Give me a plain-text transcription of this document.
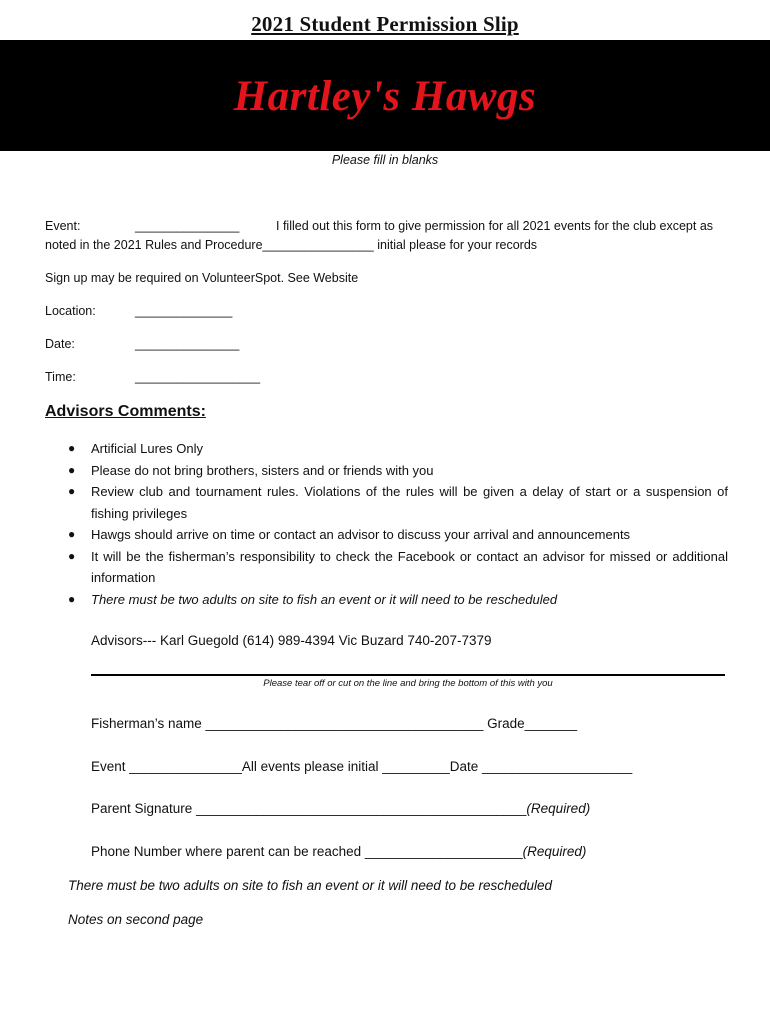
2021 Student Permission Slip
Hartley's Hawgs
Please fill in blanks
Event:	_______________	I filled out this form to give permission for all 2021 events for the club except as
noted in the 2021 Rules and Procedure________________ initial please for your records
Sign up may be required on VolunteerSpot. See Website
Location:	______________
Date:	_______________
Time:	__________________
Advisors Comments:
● Artificial Lures Only
● Please do not bring brothers, sisters and or friends with you
● Review club and tournament rules. Violations of the rules will be given a delay of start or a suspension of fishing privileges
● Hawgs should arrive on time or contact an advisor to discuss your arrival and announcements
● It will be the fisherman’s responsibility to check the Facebook or contact an advisor for missed or additional information
● There must be two adults on site to fish an event or it will need to be rescheduled
Advisors--- Karl Guegold (614) 989-4394 Vic Buzard 740-207-7379
Please tear off or cut on the line and bring the bottom of this with you
Fisherman’s name _____________________________________ Grade_______
Event _______________All events please initial _________Date ____________________
Parent Signature ____________________________________________(Required)
Phone Number where parent can be reached _____________________(Required)
There must be two adults on site to fish an event or it will need to be rescheduled
Notes on second page
